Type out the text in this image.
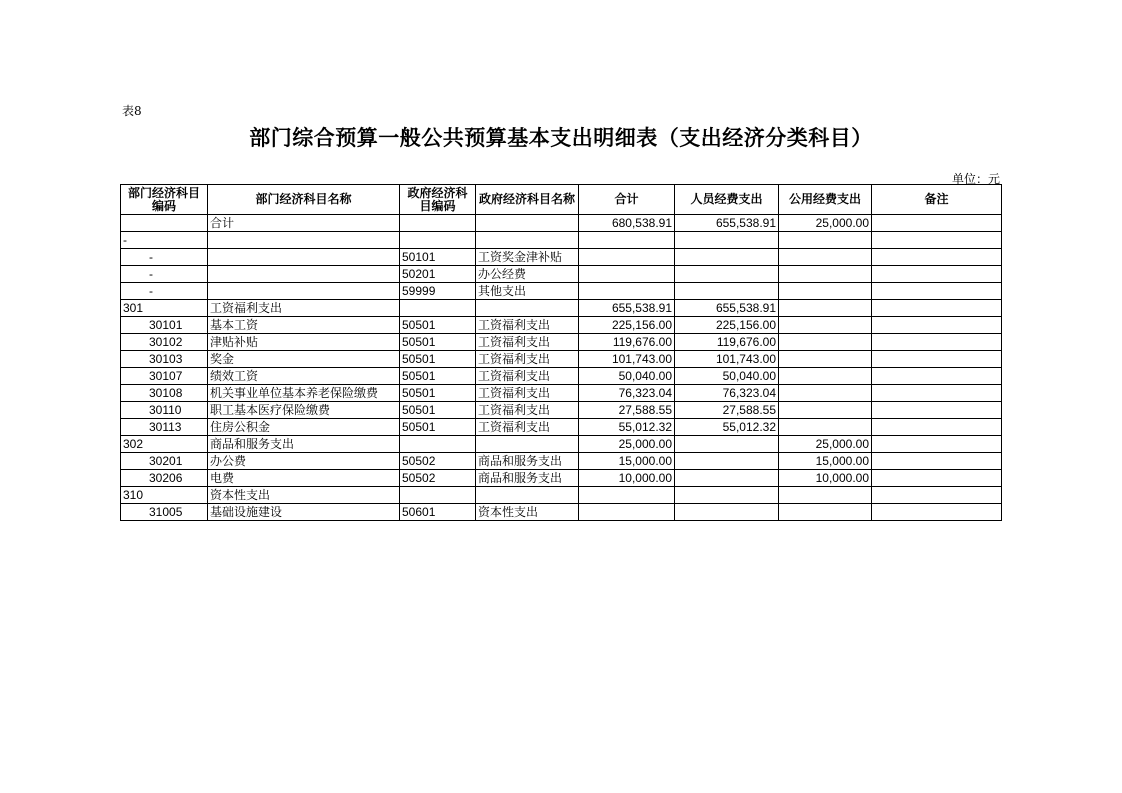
表8
部门综合预算一般公共预算基本支出明细表（支出经济分类科目）
单位：元
部门经济科目编码	部门经济科目名称	政府经济科目编码	政府经济科目名称	合计	人员经费支出	公用经费支出	备注
	合计			680,538.91	655,538.91	25,000.00	
-							
-		50101	工资奖金津补贴				
-		50201	办公经费				
-		59999	其他支出				
301	工资福利支出			655,538.91	655,538.91		
30101	基本工资	50501	工资福利支出	225,156.00	225,156.00		
30102	津贴补贴	50501	工资福利支出	119,676.00	119,676.00		
30103	奖金	50501	工资福利支出	101,743.00	101,743.00		
30107	绩效工资	50501	工资福利支出	50,040.00	50,040.00		
30108	机关事业单位基本养老保险缴费	50501	工资福利支出	76,323.04	76,323.04		
30110	职工基本医疗保险缴费	50501	工资福利支出	27,588.55	27,588.55		
30113	住房公积金	50501	工资福利支出	55,012.32	55,012.32		
302	商品和服务支出			25,000.00		25,000.00	
30201	办公费	50502	商品和服务支出	15,000.00		15,000.00	
30206	电费	50502	商品和服务支出	10,000.00		10,000.00	
310	资本性支出						
31005	基础设施建设	50601	资本性支出				
